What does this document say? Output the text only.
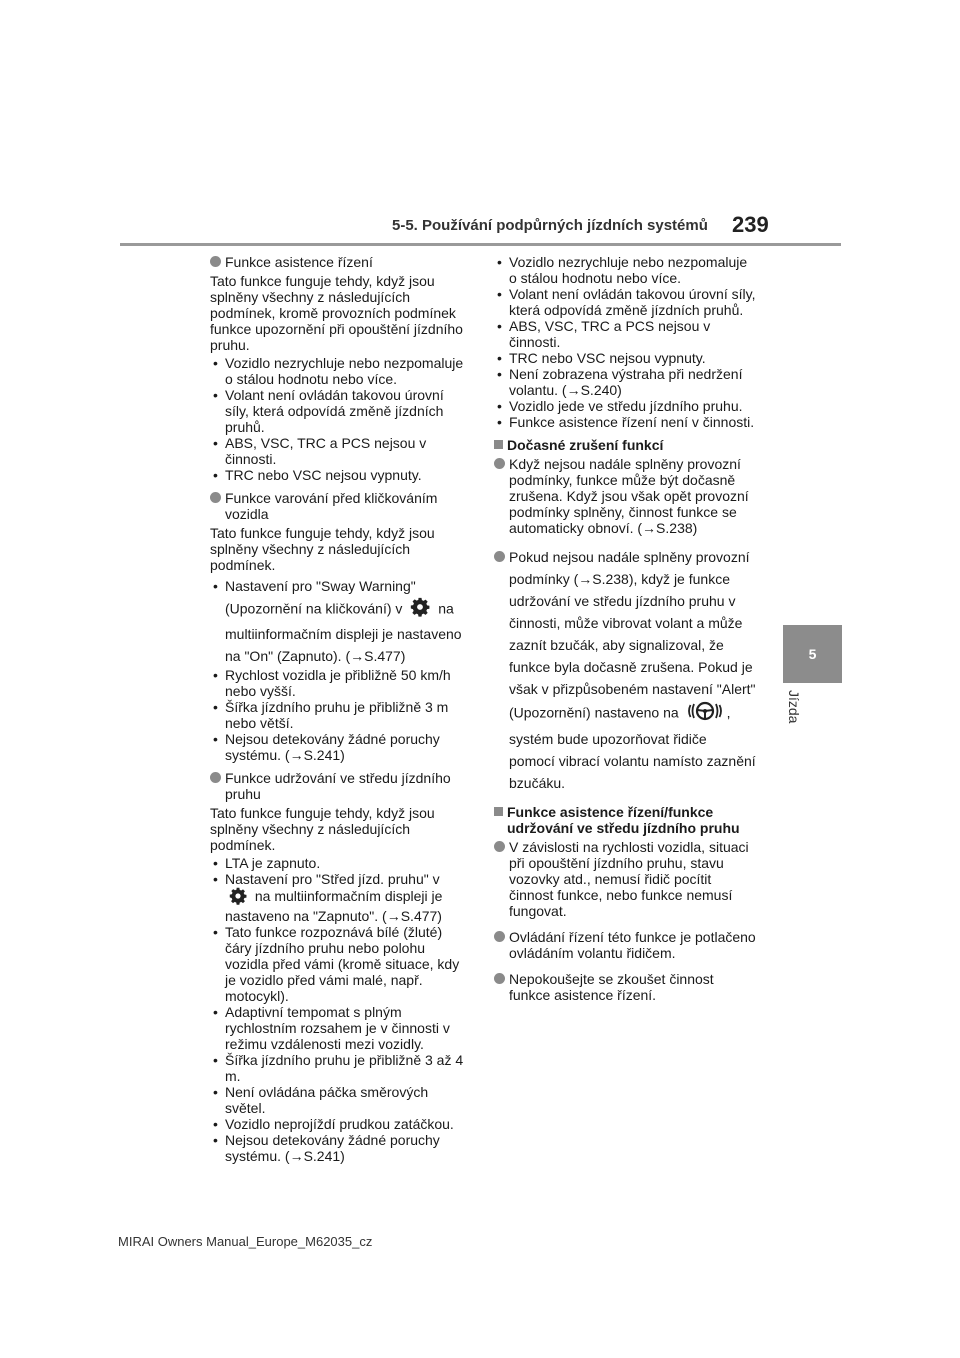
5-5. Používání podpůrných jízdních systémů 239
5
Jízda
Funkce asistence řízení

Tato funkce funguje tehdy, když jsou splněny všechny z následujících podmínek, kromě provozních podmínek funkce upozornění při opouštění jízdního pruhu.

• Vozidlo nezrychluje nebo nezpomaluje o stálou hodnotu nebo více.
• Volant není ovládán takovou úrovní síly, která odpovídá změně jízdních pruhů.
• ABS, VSC, TRC a PCS nejsou v činnosti.
• TRC nebo VSC nejsou vypnuty.
Funkce varování před kličkováním vozidla

Tato funkce funguje tehdy, když jsou splněny všechny z následujících podmínek.

• Nastavení pro "Sway Warning" (Upozornění na kličkování) v	na multiinformačním displeji je nastaveno na "On" (Zapnuto). (→S.477)
• Rychlost vozidla je přibližně 50 km/h nebo vyšší.
• Šířka jízdního pruhu je přibližně 3 m nebo větší.
• Nejsou detekovány žádné poruchy systému. (→S.241)
Funkce udržování ve středu jízdního pruhu

Tato funkce funguje tehdy, když jsou splněny všechny z následujících podmínek.

• LTA je zapnuto.
• Nastavení pro "Střed jízd. pruhu" v  na multiinformačním displeji je nastaveno na "Zapnuto". (→S.477)
• Tato funkce rozpoznává bílé (žluté) čáry jízdního pruhu nebo polohu vozidla před vámi (kromě situace, kdy je vozidlo před vámi malé, např. motocykl).
• Adaptivní tempomat s plným rychlostním rozsahem je v činnosti v režimu vzdálenosti mezi vozidly.
• Šířka jízdního pruhu je přibližně 3 až 4 m.
• Není ovládána páčka směrových světel.
• Vozidlo neprojíždí prudkou zatáčkou.
• Nejsou detekovány žádné poruchy systému. (→S.241)
• Vozidlo nezrychluje nebo nezpomaluje o stálou hodnotu nebo více.
• Volant není ovládán takovou úrovní síly, která odpovídá změně jízdních pruhů.
• ABS, VSC, TRC a PCS nejsou v činnosti.
• TRC nebo VSC nejsou vypnuty.
• Není zobrazena výstraha při nedržení volantu. (→S.240)
• Vozidlo jede ve středu jízdního pruhu.
• Funkce asistence řízení není v činnosti.
Dočasné zrušení funkcí
Když nejsou nadále splněny provozní podmínky, funkce může být dočasně zrušena. Když jsou však opět provozní podmínky splněny, činnost funkce se automaticky obnoví. (→S.238)
Pokud nejsou nadále splněny provozní podmínky (→S.238), když je funkce udržování ve středu jízdního pruhu v činnosti, může vibrovat volant a může zaznít bzučák, aby signalizoval, že funkce byla dočasně zrušena. Pokud je však v přizpůsobeném nastavení "Alert" (Upozornění) nastaveno na	, systém bude upozorňovat řidiče pomocí vibrací volantu namísto zaznění bzučáku.
Funkce asistence řízení/funkce udržování ve středu jízdního pruhu
V závislosti na rychlosti vozidla, situaci při opouštění jízdního pruhu, stavu vozovky atd., nemusí řidič pocítit činnost funkce, nebo funkce nemusí fungovat.
Ovládání řízení této funkce je potlačeno ovládáním volantu řidičem.
Nepokoušejte se zkoušet činnost funkce asistence řízení.
MIRAI Owners Manual_Europe_M62035_cz
